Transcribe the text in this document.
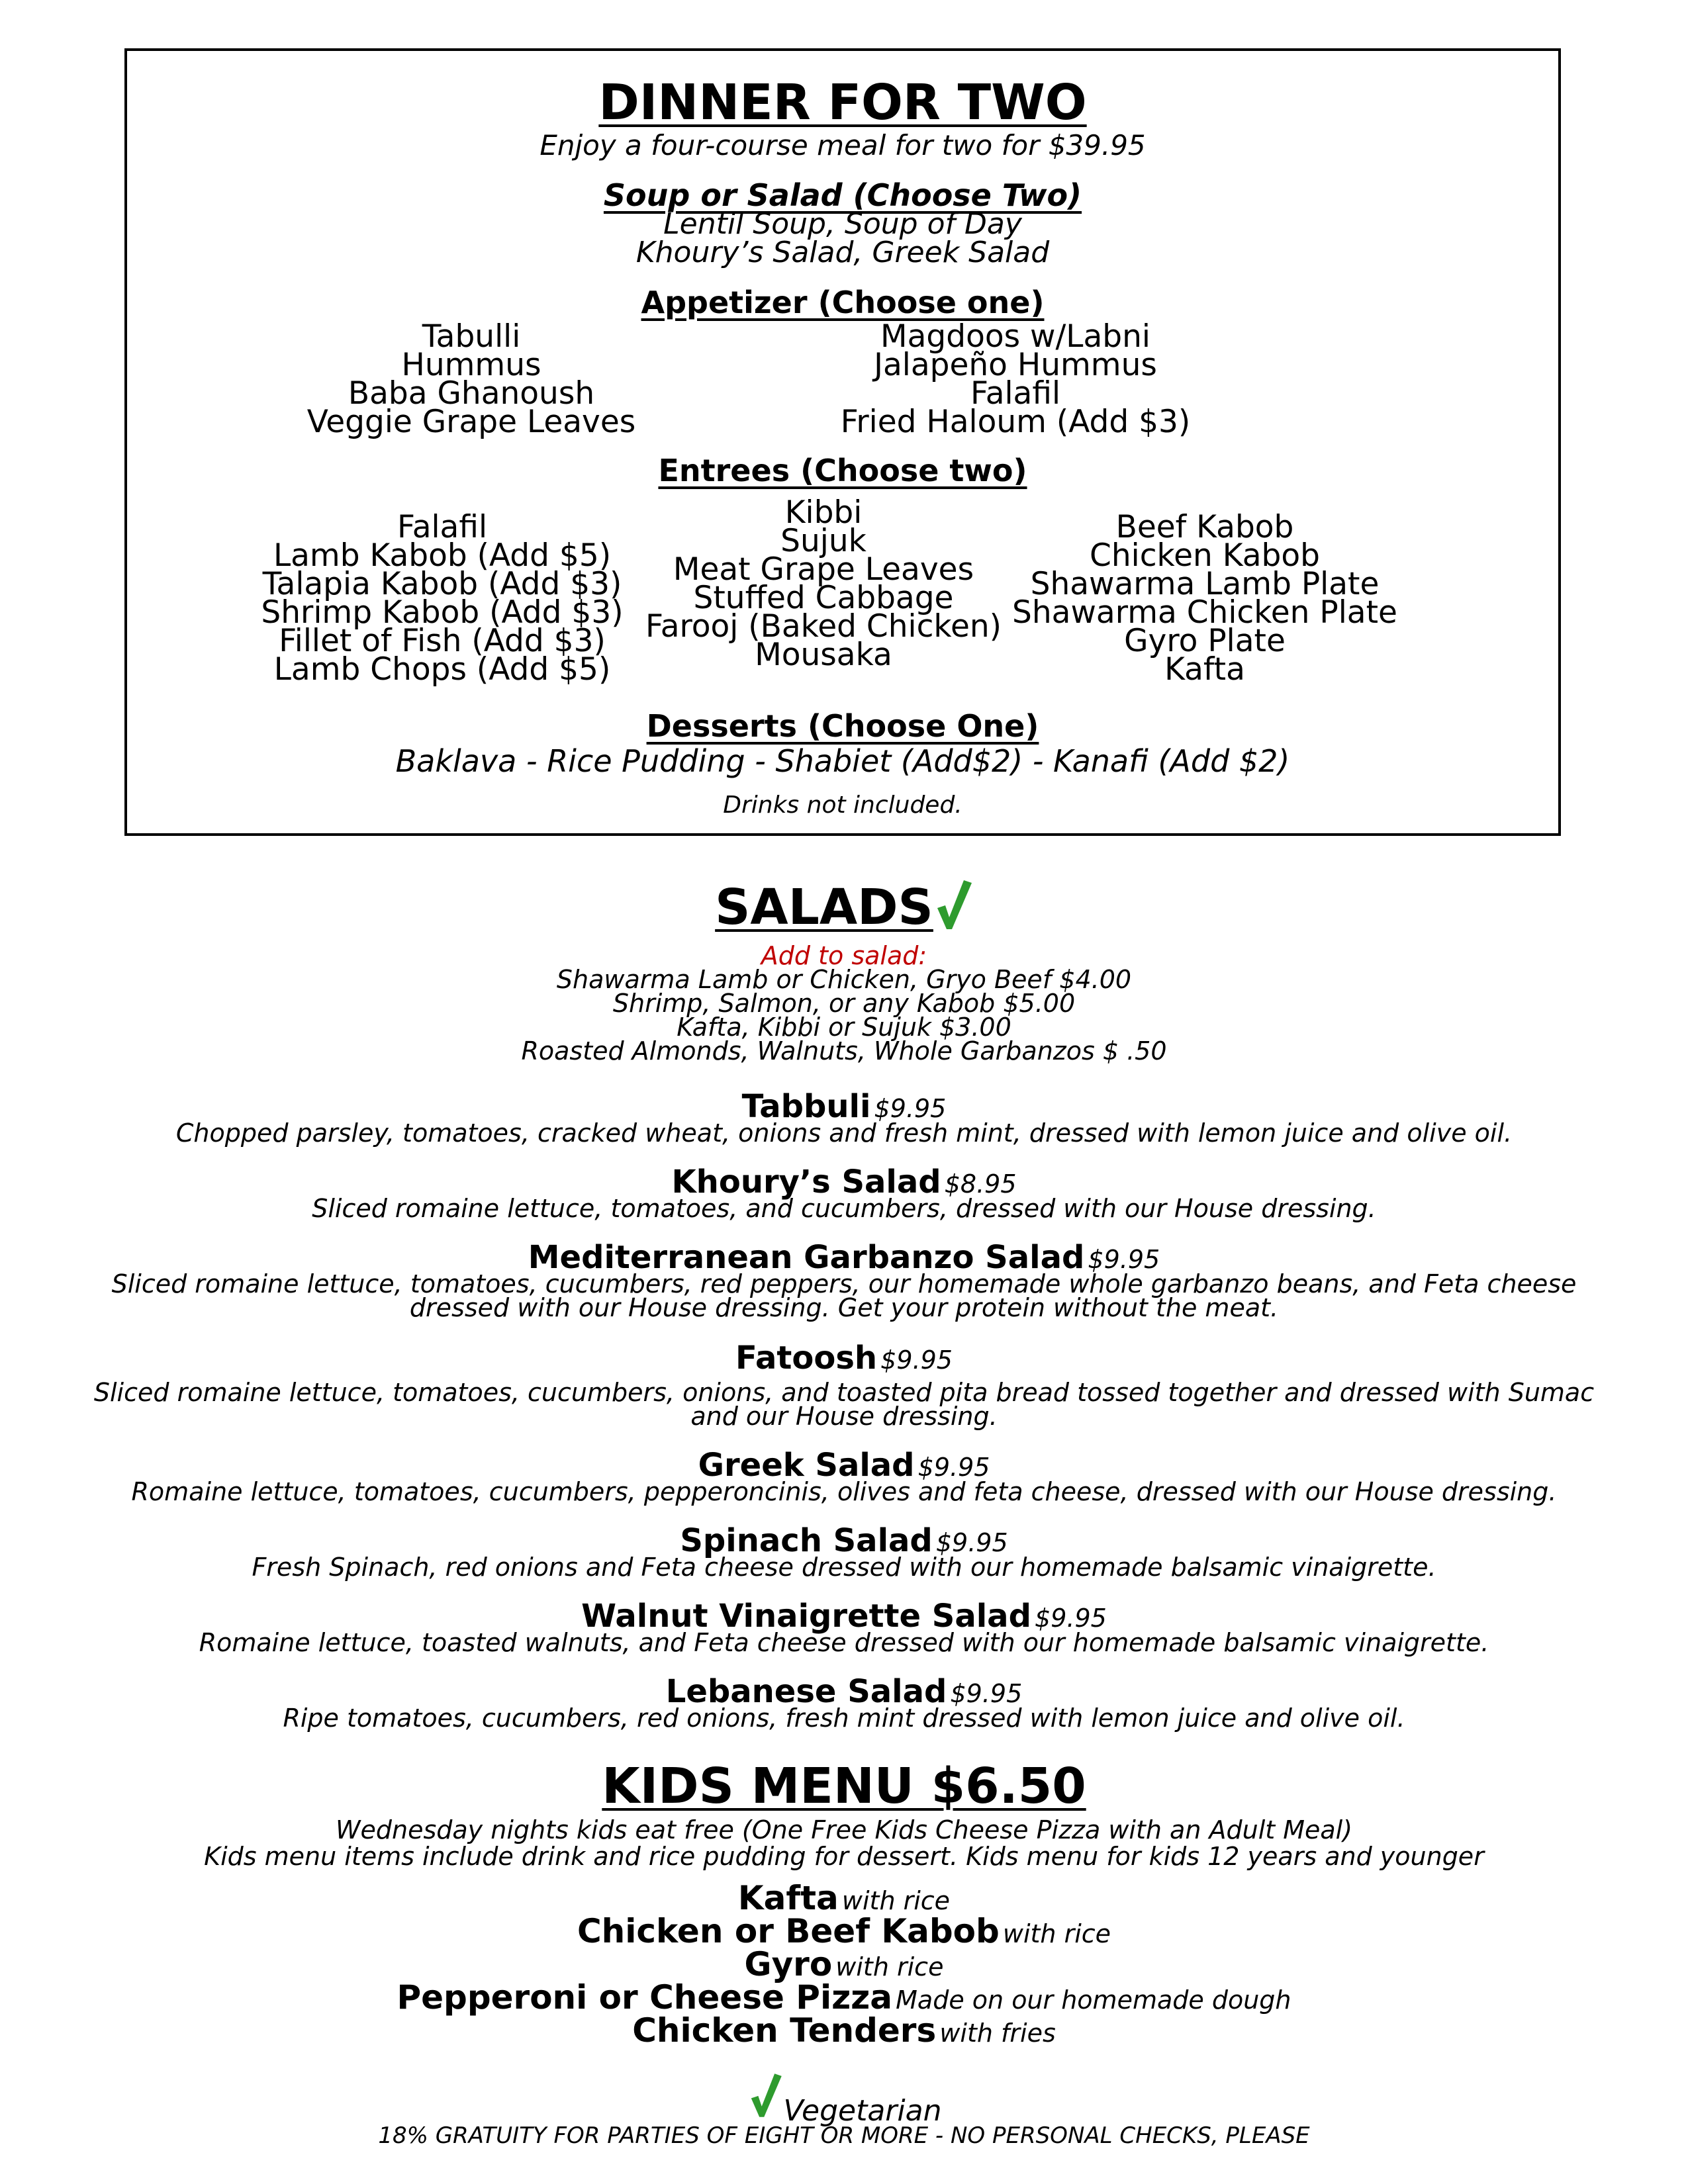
DINNER FOR TWO
Enjoy a four-course meal for two for $39.95
Soup or Salad (Choose Two)
Lentil Soup, Soup of Day
Khoury’s Salad, Greek Salad
Appetizer (Choose one)
Tabulli
Hummus
Baba Ghanoush
Veggie Grape Leaves
Magdoos w/Labni
Jalapeño Hummus
Falafil
Fried Haloum (Add $3)
Entrees (Choose two)
Falafil
Lamb Kabob (Add $5)
Talapia Kabob (Add $3)
Shrimp Kabob (Add $3)
Fillet of Fish (Add $3)
Lamb Chops (Add $5)
Kibbi
Sujuk
Meat Grape Leaves
Stuffed Cabbage
Farooj (Baked Chicken)
Mousaka
Beef Kabob
Chicken Kabob
Shawarma Lamb Plate
Shawarma Chicken Plate
Gyro Plate
Kafta
Desserts (Choose One)
Baklava - Rice Pudding - Shabiet (Add$2) - Kanafi (Add $2)
Drinks not included.
SALADS
Add to salad:
Shawarma Lamb or Chicken, Gryo Beef $4.00
Shrimp, Salmon, or any Kabob $5.00
Kafta, Kibbi or Sujuk $3.00
Roasted Almonds, Walnuts, Whole Garbanzos $ .50
Tabbuli $9.95
Chopped parsley, tomatoes, cracked wheat, onions and fresh mint, dressed with lemon juice and olive oil.
Khoury’s Salad $8.95
Sliced romaine lettuce, tomatoes, and cucumbers, dressed with our House dressing.
Mediterranean Garbanzo Salad $9.95
Sliced romaine lettuce, tomatoes, cucumbers, red peppers, our homemade whole garbanzo beans, and Feta cheese
dressed with our House dressing. Get your protein without the meat.
Fatoosh $9.95
Sliced romaine lettuce, tomatoes, cucumbers, onions, and toasted pita bread tossed together and dressed with Sumac
and our House dressing.
Greek Salad $9.95
Romaine lettuce, tomatoes, cucumbers, pepperoncinis, olives and feta cheese, dressed with our House dressing.
Spinach Salad $9.95
Fresh Spinach, red onions and Feta cheese dressed with our homemade balsamic vinaigrette.
Walnut Vinaigrette Salad $9.95
Romaine lettuce, toasted walnuts, and Feta cheese dressed with our homemade balsamic vinaigrette.
Lebanese Salad $9.95
Ripe tomatoes, cucumbers, red onions, fresh mint dressed with lemon juice and olive oil.
KIDS MENU $6.50
Wednesday nights kids eat free (One Free Kids Cheese Pizza with an Adult Meal)
Kids menu items include drink and rice pudding for dessert. Kids menu for kids 12 years and younger
Kafta with rice
Chicken or Beef Kabob with rice
Gyro with rice
Pepperoni or Cheese Pizza Made on our homemade dough
Chicken Tenders with fries
Vegetarian
18% GRATUITY FOR PARTIES OF EIGHT OR MORE - NO PERSONAL CHECKS, PLEASE
